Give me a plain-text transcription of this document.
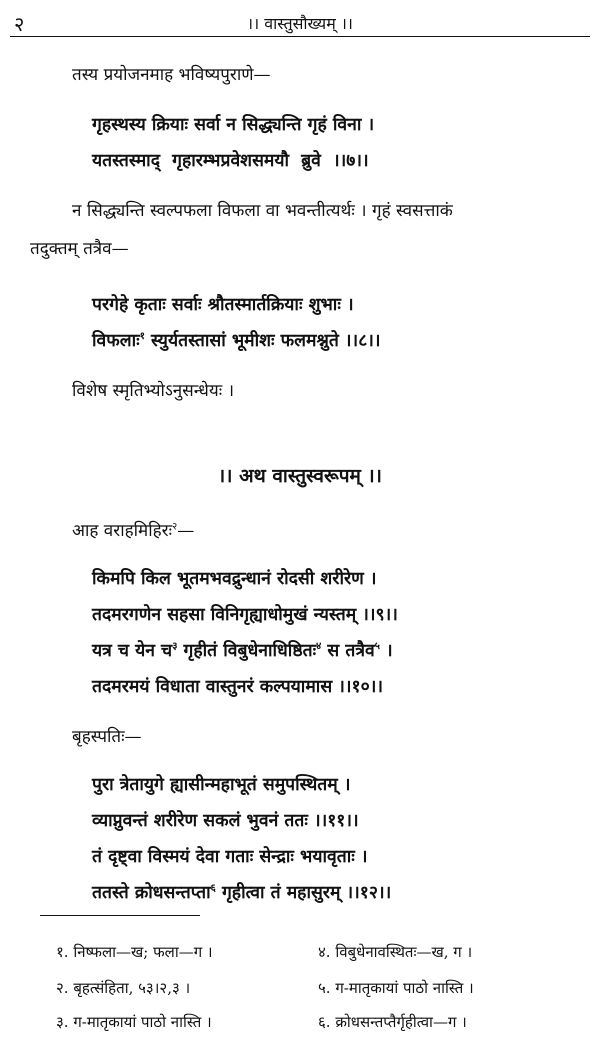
२	।। वास्तुसौख्यम् ।।
तस्य प्रयोजनमाह भविष्यपुराणे—
गृहस्थस्य क्रियाः सर्वा न सिद्ध्यन्ति गृहं विना ।
यतस्तस्माद् गृहारम्भप्रवेशसमयौ ब्रुवे ।।७।।
न सिद्ध्यन्ति स्वल्पफला विफला वा भवन्तीत्यर्थः । गृहं स्वसत्ताकं
तदुक्तम् तत्रैव—
परगेहे कृताः सर्वाः श्रौतस्मार्तक्रियाः शुभाः ।
विफलाः$^१$ स्युर्यतस्तासां भूमीशः फलमश्नुते ।।८।।
विशेष स्मृतिभ्योऽनुसन्धेयः ।
।। अथ वास्तुस्वरूपम् ।।
आह वराहमिहिरः$^२$—
किमपि किल भूतमभवद्रुन्धानं रोदसी शरीरेण ।
तदमरगणेन सहसा विनिगृह्याधोमुखं न्यस्तम् ।।९।।
यत्र च येन च$^३$ गृहीतं विबुधेनाधिष्ठितः$^४$ स तत्रैव$^५$ ।
तदमरमयं विधाता वास्तुनरं कल्पयामास ।।१०।।
बृहस्पतिः—
पुरा त्रेतायुगे ह्यासीन्महाभूतं समुपस्थितम् ।
व्याप्नुवन्तं शरीरेण सकलं भुवनं ततः ।।११।।
तं दृष्ट्वा विस्मयं देवा गताः सेन्द्राः भयावृताः ।
ततस्ते क्रोधसन्तप्ता$^६$ गृहीत्वा तं महासुरम् ।।१२।।
१. निष्फला—ख; फला—ग ।	४. विबुधेनावस्थितः—ख, ग ।
२. बृहत्संहिता, ५३।२,३ ।	५. ग-मातृकायां पाठो नास्ति ।
३. ग-मातृकायां पाठो नास्ति ।	६. क्रोधसन्तप्तैर्गृहीत्वा—ग ।
